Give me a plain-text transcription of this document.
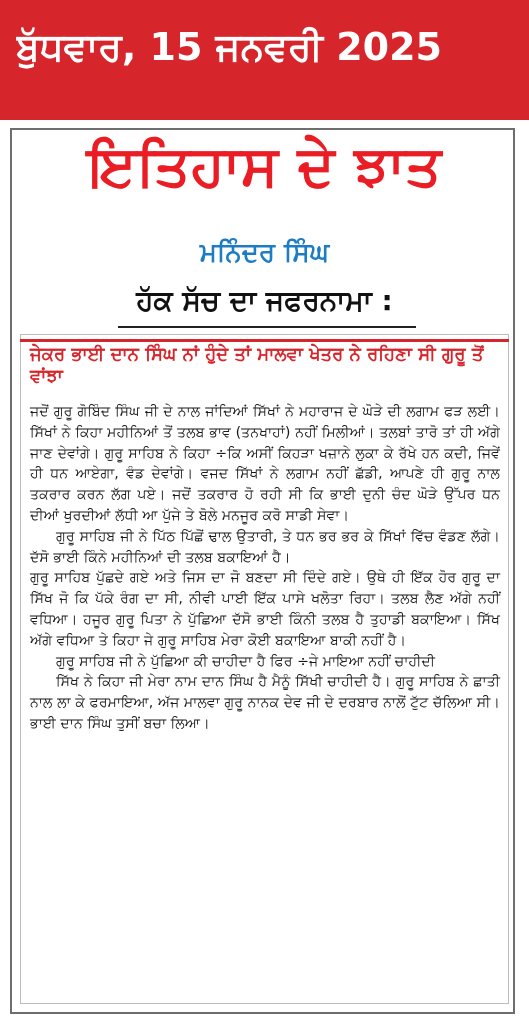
ਬੁੱਧਵਾਰ, 15 ਜਨਵਰੀ 2025
ਇਤਿਹਾਸ ਦੇ ਝਾਤ
ਮਨਿੰਦਰ ਸਿੰਘ
ਹੱਕ ਸੱਚ ਦਾ ਜਫਰਨਾਮਾ :
ਜੇਕਰ ਭਾਈ ਦਾਨ ਸਿੰਘ ਨਾਂ ਹੁੰਦੇ ਤਾਂ ਮਾਲਵਾ ਖੇਤਰ ਨੇ ਰਹਿਣਾ ਸੀ ਗੁਰੂ ਤੋਂ ਵਾਂਝਾ

ਜਦੋਂ ਗੁਰੂ ਗੋਬਿੰਦ ਸਿੰਘ ਜੀ ਦੇ ਨਾਲ ਜਾਂਦਿਆਂ ਸਿੱਖਾਂ ਨੇ ਮਹਾਰਾਜ ਦੇ ਘੋੜੇ ਦੀ ਲਗਾਮ ਫੜ ਲਈ। ਸਿੱਖਾਂ ਨੇ ਕਿਹਾ ਮਹੀਨਿਆਂ ਤੋਂ ਤਲਬ ਭਾਵ (ਤਨਖਾਹਾਂ) ਨਹੀਂ ਮਿਲੀਆਂ। ਤਲਬਾਂ ਤਾਰੋ ਤਾਂ ਹੀ ਅੱਗੇ ਜਾਣ ਦੇਵਾਂਗੇ। ਗੁਰੂ ਸਾਹਿਬ ਨੇ ਕਿਹਾ ÷ਕਿ ਅਸੀਂ ਕਿਹੜਾ ਖਜ਼ਾਨੇ ਲੁਕਾ ਕੇ ਰੱਖੇ ਹਨ ਕਦੀ, ਜਿਵੇਂ ਹੀ ਧਨ ਆਏਗਾ, ਵੰਡ ਦੇਵਾਂਗੇ। ਵਜਦ ਸਿੱਖਾਂ ਨੇ ਲਗਾਮ ਨਹੀਂ ਛੱਡੀ, ਆਪਣੇ ਹੀ ਗੁਰੂ ਨਾਲ ਤਕਰਾਰ ਕਰਨ ਲੱਗ ਪਏ। ਜਦੋਂ ਤਕਰਾਰ ਹੋ ਰਹੀ ਸੀ ਕਿ ਭਾਈ ਦੁਨੀ ਚੰਦ ਘੋੜੇ ਉੱਪਰ ਧਨ ਦੀਆਂ ਖੁਰਦੀਆਂ ਲੱਧੀ ਆ ਪੁੱਜੇ ਤੇ ਬੋਲੇ ਮਨਜੂਰ ਕਰੋ ਸਾਡੀ ਸੇਵਾ।

ਗੁਰੂ ਸਾਹਿਬ ਜੀ ਨੇ ਪਿੱਠ ਪਿੱਛੋਂ ਢਾਲ ਉਤਾਰੀ, ਤੇ ਧਨ ਭਰ ਭਰ ਕੇ ਸਿੱਖਾਂ ਵਿੱਚ ਵੰਡਣ ਲੱਗੇ। ਦੱਸੋ ਭਾਈ ਕਿੰਨੇ ਮਹੀਨਿਆਂ ਦੀ ਤਲਬ ਬਕਾਇਆਂ ਹੈ।

ਗੁਰੂ ਸਾਹਿਬ ਪੁੱਛਦੇ ਗਏ ਅਤੇ ਜਿਸ ਦਾ ਜੋ ਬਣਦਾ ਸੀ ਦਿੰਦੇ ਗਏ। ਉਥੇ ਹੀ ਇੱਕ ਹੋਰ ਗੁਰੂ ਦਾ ਸਿੱਖ ਜੋ ਕਿ ਪੱਕੇ ਰੰਗ ਦਾ ਸੀ, ਨੀਵੀ ਪਾਈ ਇੱਕ ਪਾਸੇ ਖਲੋਤਾ ਰਿਹਾ। ਤਲਬ ਲੈਣ ਅੱਗੇ ਨਹੀਂ ਵਧਿਆ। ਹਜੂਰ ਗੁਰੂ ਪਿਤਾ ਨੇ ਪੁੱਛਿਆ ਦੱਸੋ ਭਾਈ ਕਿੰਨੀ ਤਲਬ ਹੈ ਤੁਹਾਡੀ ਬਕਾਇਆ। ਸਿੱਖ ਅੱਗੇ ਵਧਿਆ ਤੇ ਕਿਹਾ ਜੇ ਗੁਰੂ ਸਾਹਿਬ ਮੇਰਾ ਕੋਈ ਬਕਾਇਆ ਬਾਕੀ ਨਹੀਂ ਹੈ।

ਗੁਰੂ ਸਾਹਿਬ ਜੀ ਨੇ ਪੁੱਛਿਆ ਕੀ ਚਾਹੀਦਾ ਹੈ ਫਿਰ ÷ਜੇ ਮਾਇਆ ਨਹੀਂ ਚਾਹੀਦੀ

ਸਿੱਖ ਨੇ ਕਿਹਾ ਜੀ ਮੇਰਾ ਨਾਮ ਦਾਨ ਸਿੰਘ ਹੈ ਮੈਨੂੰ ਸਿੱਖੀ ਚਾਹੀਦੀ ਹੈ। ਗੁਰੂ ਸਾਹਿਬ ਨੇ ਛਾਤੀ ਨਾਲ ਲਾ ਕੇ ਫਰਮਾਇਆ, ਅੱਜ ਮਾਲਵਾ ਗੁਰੂ ਨਾਨਕ ਦੇਵ ਜੀ ਦੇ ਦਰਬਾਰ ਨਾਲੋਂ ਟੁੱਟ ਚੱਲਿਆ ਸੀ। ਭਾਈ ਦਾਨ ਸਿੰਘ ਤੁਸੀਂ ਬਚਾ ਲਿਆ।
